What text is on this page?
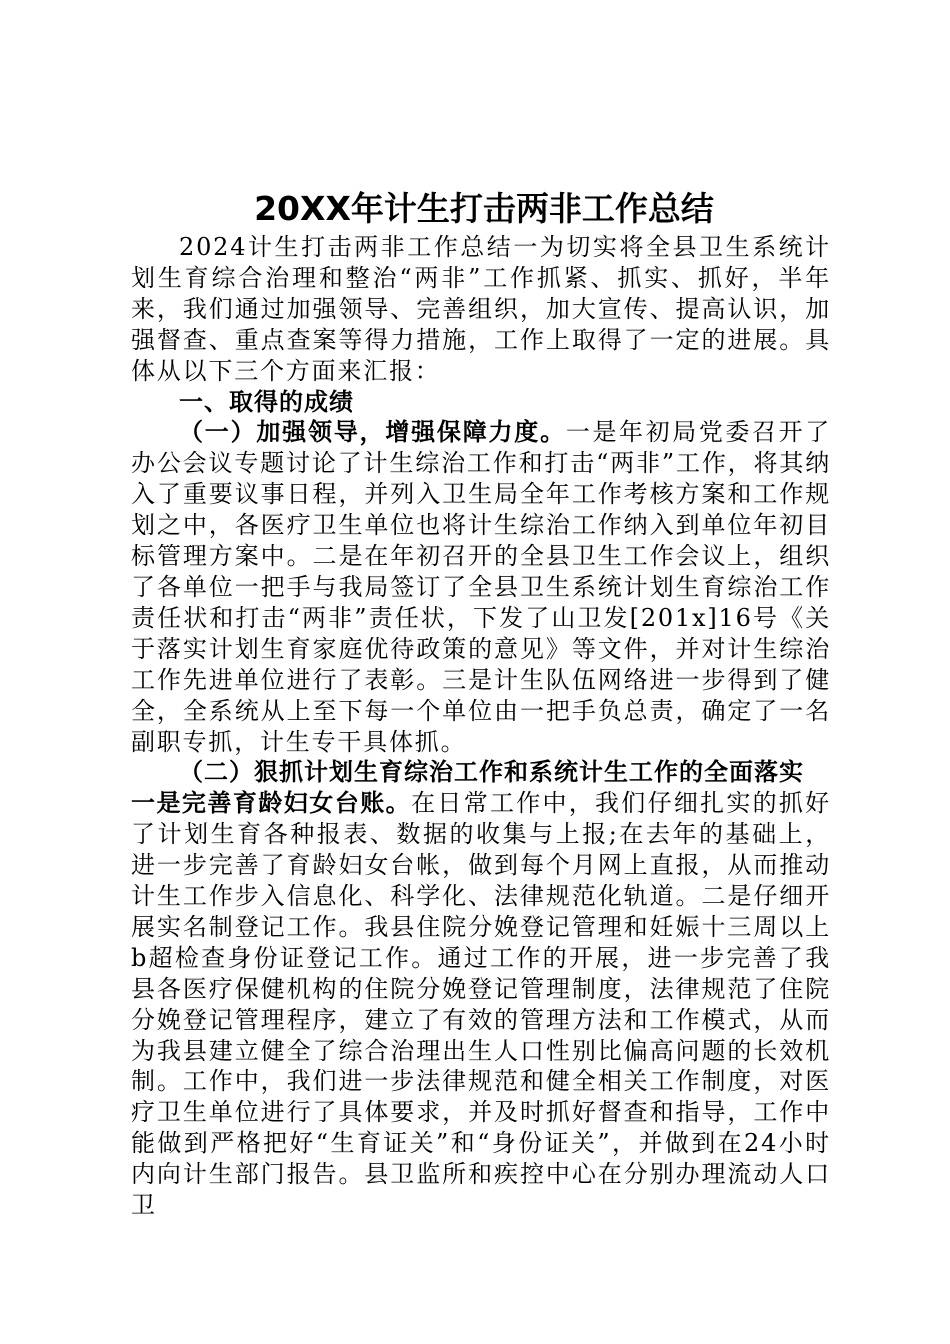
20XX年计生打击两非工作总结

2024计生打击两非工作总结一为切实将全县卫生系统计划生育综合治理和整治“两非”工作抓紧、抓实、抓好，半年来，我们通过加强领导、完善组织，加大宣传、提高认识，加强督查、重点查案等得力措施，工作上取得了一定的进展。具体从以下三个方面来汇报：

一、取得的成绩

（一）加强领导，增强保障力度。一是年初局党委召开了办公会议专题讨论了计生综治工作和打击“两非”工作，将其纳入了重要议事日程，并列入卫生局全年工作考核方案和工作规划之中，各医疗卫生单位也将计生综治工作纳入到单位年初目标管理方案中。二是在年初召开的全县卫生工作会议上，组织了各单位一把手与我局签订了全县卫生系统计划生育综治工作责任状和打击“两非”责任状，下发了山卫发[201x]16号《关于落实计划生育家庭优待政策的意见》等文件，并对计生综治工作先进单位进行了表彰。三是计生队伍网络进一步得到了健全，全系统从上至下每一个单位由一把手负总责，确定了一名副职专抓，计生专干具体抓。

（二）狠抓计划生育综治工作和系统计生工作的全面落实

一是完善育龄妇女台账。在日常工作中，我们仔细扎实的抓好了计划生育各种报表、数据的收集与上报;在去年的基础上，进一步完善了育龄妇女台帐，做到每个月网上直报，从而推动计生工作步入信息化、科学化、法律规范化轨道。二是仔细开展实名制登记工作。我县住院分娩登记管理和妊娠十三周以上b超检查身份证登记工作。通过工作的开展，进一步完善了我县各医疗保健机构的住院分娩登记管理制度，法律规范了住院分娩登记管理程序，建立了有效的管理方法和工作模式，从而为我县建立健全了综合治理出生人口性别比偏高问题的长效机制。工作中，我们进一步法律规范和健全相关工作制度，对医疗卫生单位进行了具体要求，并及时抓好督查和指导，工作中能做到严格把好“生育证关”和“身份证关”，并做到在24小时内向计生部门报告。县卫监所和疾控中心在分别办理流动人口卫
